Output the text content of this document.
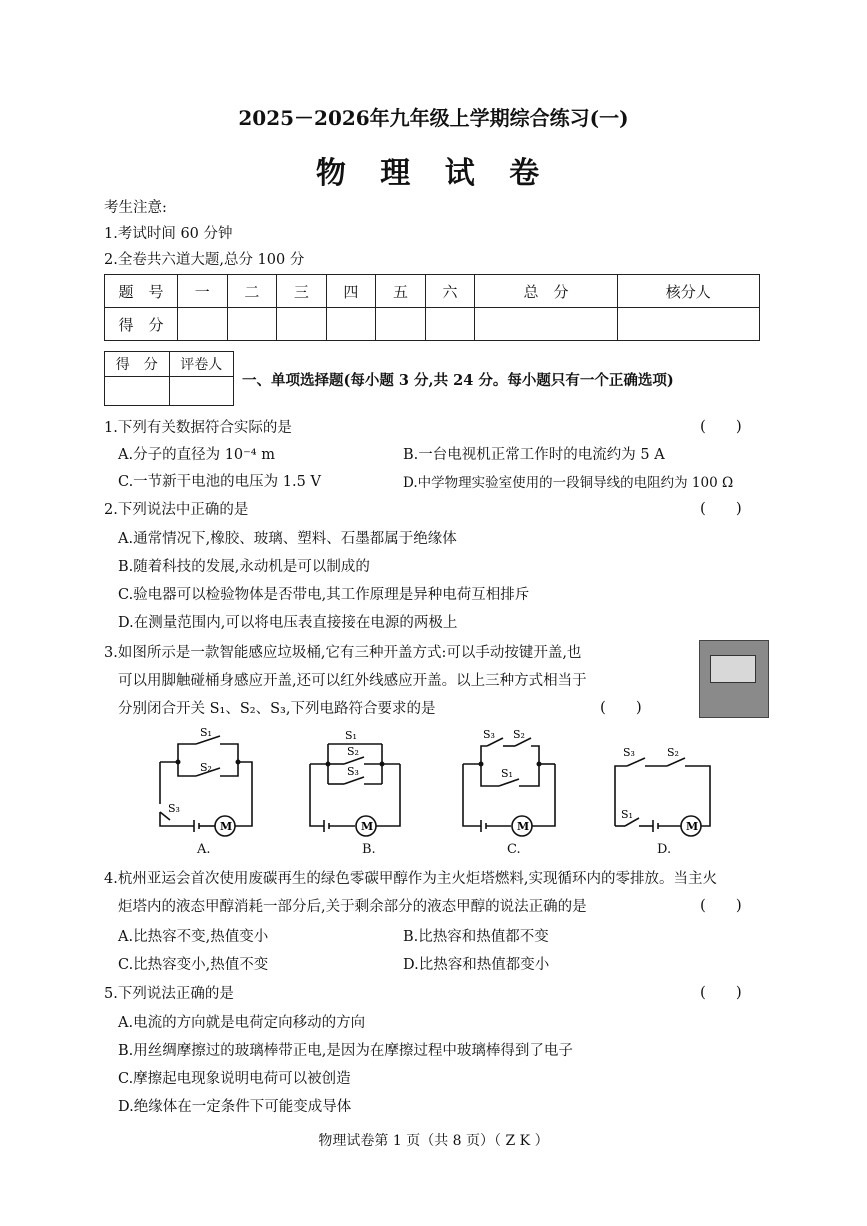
2025－2026年九年级上学期综合练习(一)
物 理 试 卷
考生注意:
1.考试时间 60 分钟
2.全卷共六道大题,总分 100 分
题　号	一	二	三	四	五	六	总　分	核分人
得　分								
得　分	评卷人

一、单项选择题(每小题 3 分,共 24 分。每小题只有一个正确选项)
1.下列有关数据符合实际的是	(　　)
A.分子的直径为 10⁻⁴ m	B.一台电视机正常工作时的电流约为 5 A
C.一节新干电池的电压为 1.5 V	D.中学物理实验室使用的一段铜导线的电阻约为 100 Ω
2.下列说法中正确的是	(　　)
A.通常情况下,橡胶、玻璃、塑料、石墨都属于绝缘体
B.随着科技的发展,永动机是可以制成的
C.验电器可以检验物体是否带电,其工作原理是异种电荷互相排斥
D.在测量范围内,可以将电压表直接接在电源的两极上
3.如图所示是一款智能感应垃圾桶,它有三种开盖方式:可以手动按键开盖,也
可以用脚触碰桶身感应开盖,还可以红外线感应开盖。以上三种方式相当于
分别闭合开关 S₁、S₂、S₃,下列电路符合要求的是	(　　)
S₁
S₂
S₃
M
A.
S₁
S₂
S₃
M
B.
S₃ S₂
S₁
M
C.
S₃	S₂
S₁
M
D.
4.杭州亚运会首次使用废碳再生的绿色零碳甲醇作为主火炬塔燃料,实现循环内的零排放。当主火
炬塔内的液态甲醇消耗一部分后,关于剩余部分的液态甲醇的说法正确的是	(　　)
A.比热容不变,热值变小	B.比热容和热值都不变
C.比热容变小,热值不变	D.比热容和热值都变小
5.下列说法正确的是	(　　)
A.电流的方向就是电荷定向移动的方向
B.用丝绸摩擦过的玻璃棒带正电,是因为在摩擦过程中玻璃棒得到了电子
C.摩擦起电现象说明电荷可以被创造
D.绝缘体在一定条件下可能变成导体
物理试卷第 1 页（共 8 页）（ Z K ）
